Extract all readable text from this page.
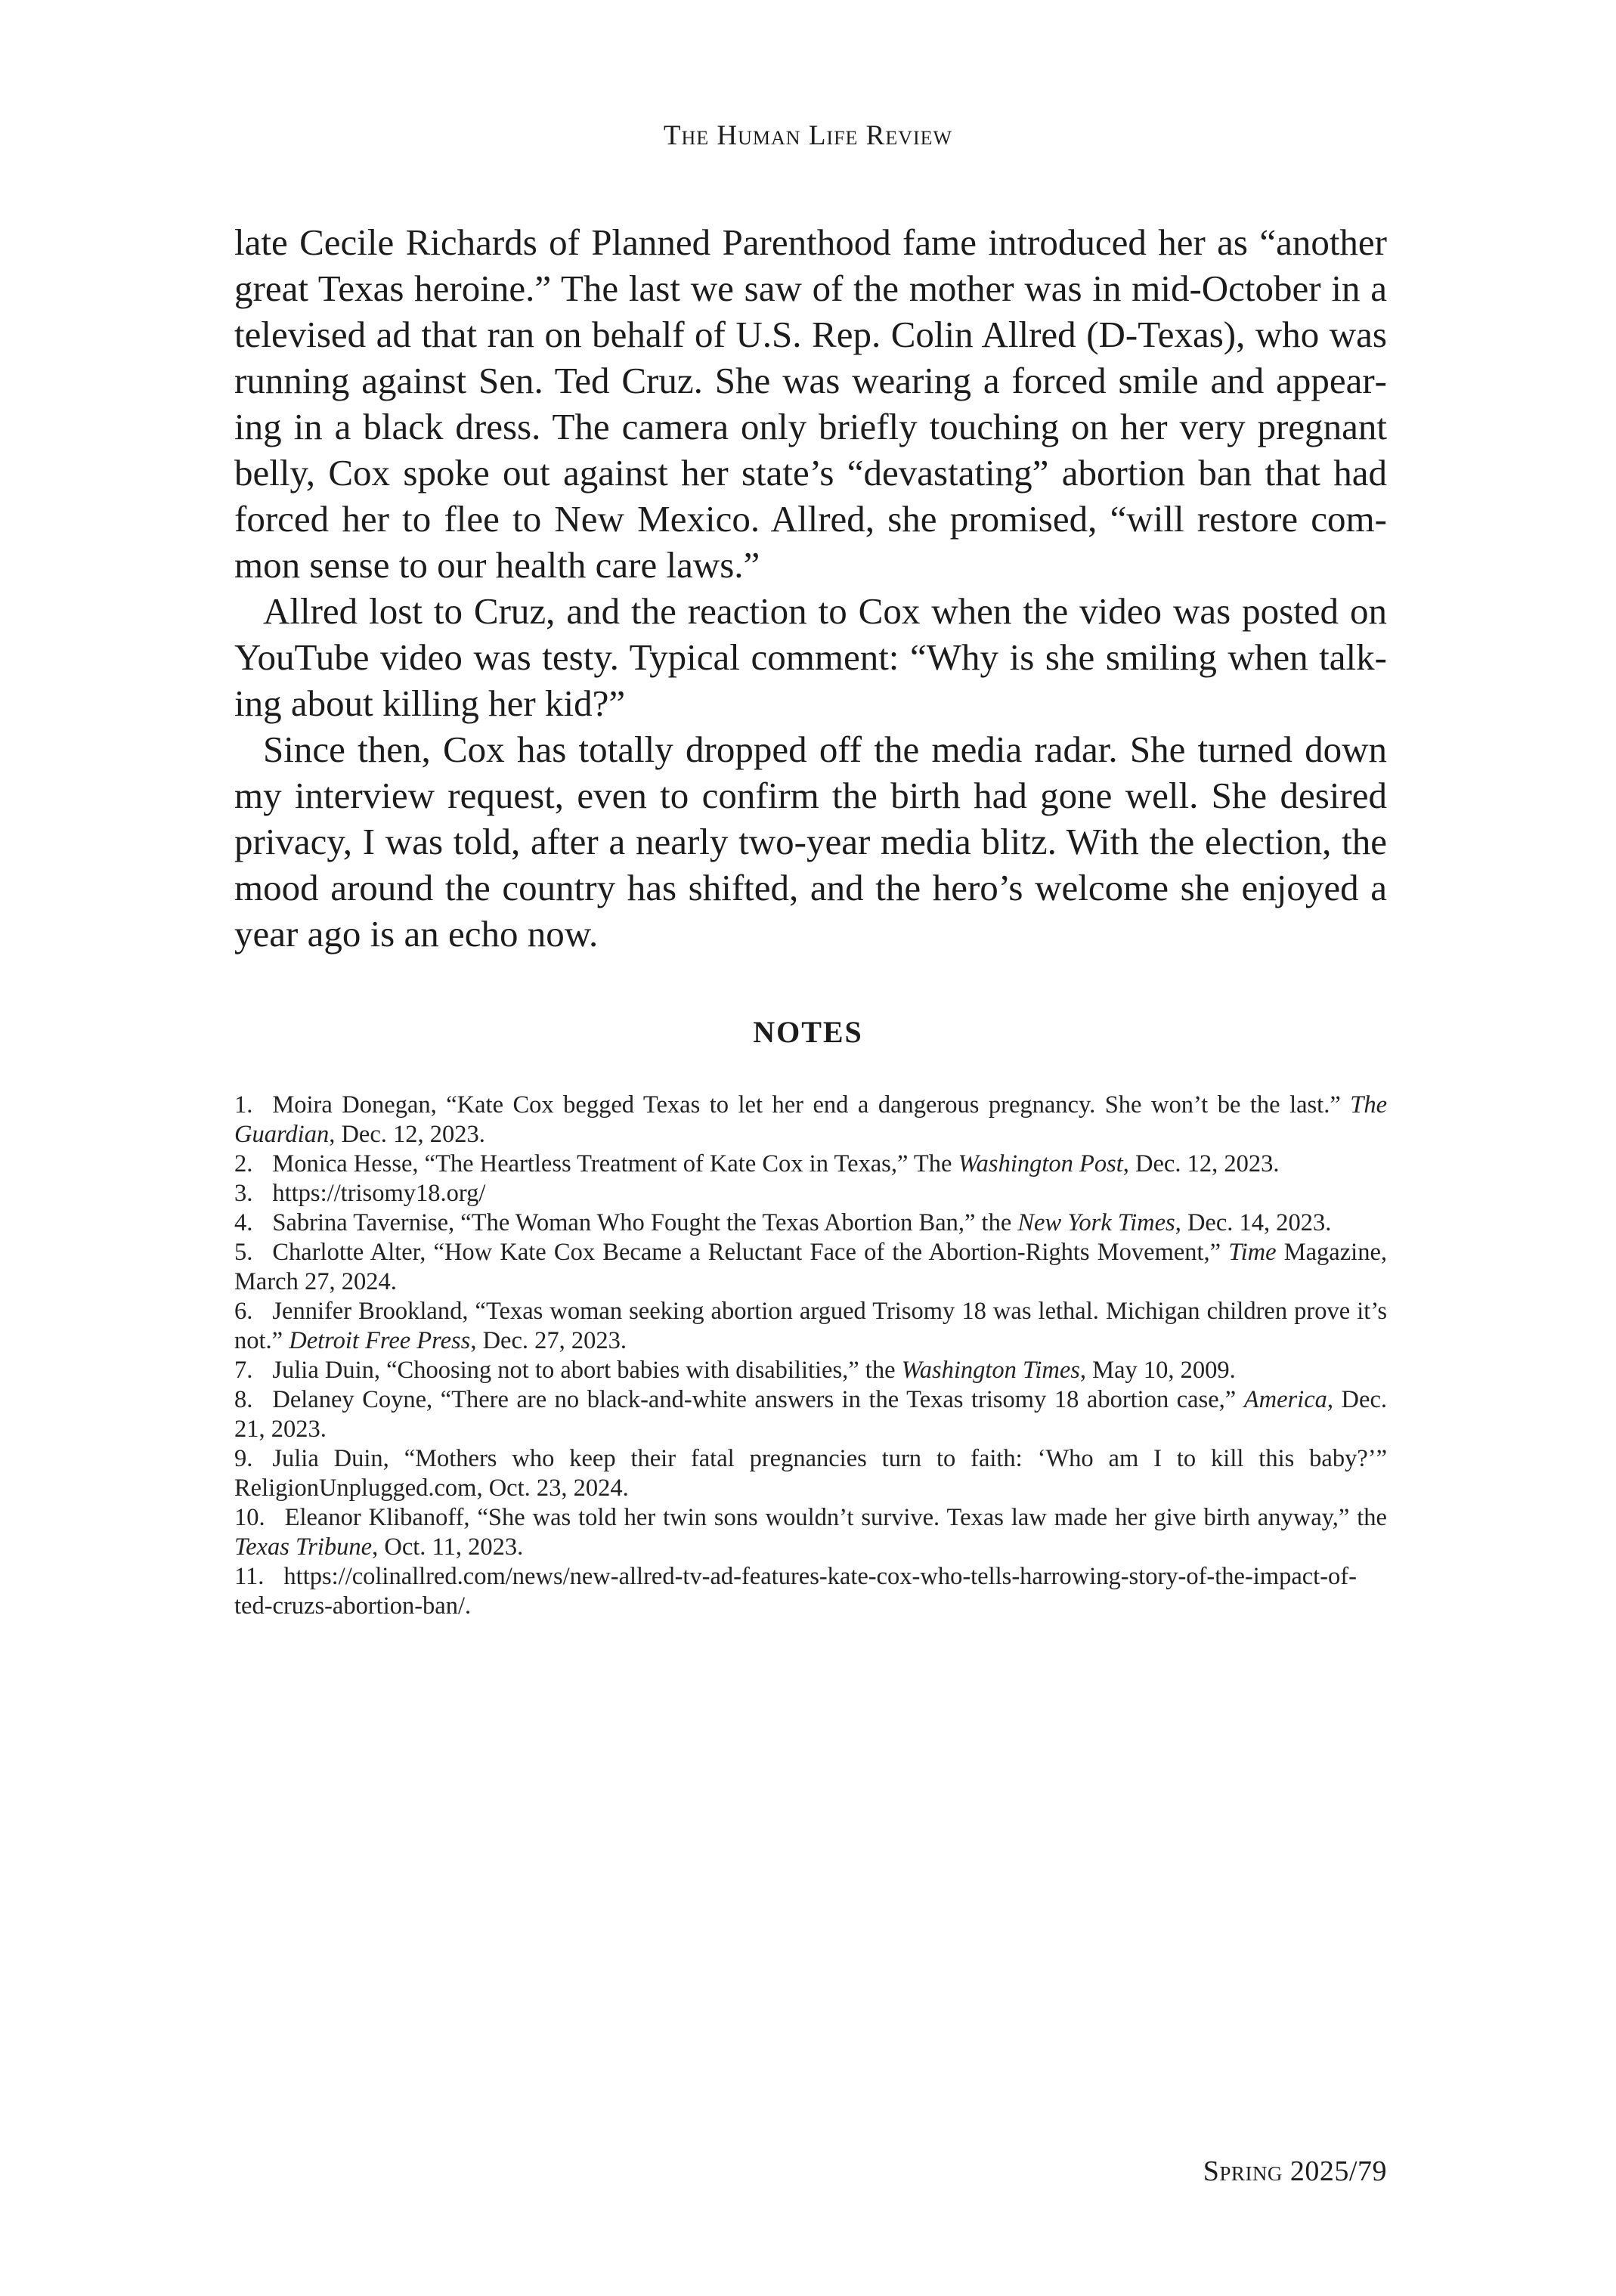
The Human Life Review

late Cecile Richards of Planned Parenthood fame introduced her as “another great Texas heroine.” The last we saw of the mother was in mid-October in a televised ad that ran on behalf of U.S. Rep. Colin Allred (D-Texas), who was running against Sen. Ted Cruz. She was wearing a forced smile and appearing in a black dress. The camera only briefly touching on her very pregnant belly, Cox spoke out against her state’s “devastating” abortion ban that had forced her to flee to New Mexico. Allred, she promised, “will restore common sense to our health care laws.”

Allred lost to Cruz, and the reaction to Cox when the video was posted on YouTube video was testy. Typical comment: “Why is she smiling when talking about killing her kid?”

Since then, Cox has totally dropped off the media radar. She turned down my interview request, even to confirm the birth had gone well. She desired privacy, I was told, after a nearly two-year media blitz. With the election, the mood around the country has shifted, and the hero’s welcome she enjoyed a year ago is an echo now.

NOTES
1. Moira Donegan, “Kate Cox begged Texas to let her end a dangerous pregnancy. She won’t be the last.” The Guardian, Dec. 12, 2023.
2. Monica Hesse, “The Heartless Treatment of Kate Cox in Texas,” The Washington Post, Dec. 12, 2023.
3. https://trisomy18.org/
4. Sabrina Tavernise, “The Woman Who Fought the Texas Abortion Ban,” the New York Times, Dec. 14, 2023.
5. Charlotte Alter, “How Kate Cox Became a Reluctant Face of the Abortion-Rights Movement,” Time Magazine, March 27, 2024.
6. Jennifer Brookland, “Texas woman seeking abortion argued Trisomy 18 was lethal. Michigan children prove it’s not.” Detroit Free Press, Dec. 27, 2023.
7. Julia Duin, “Choosing not to abort babies with disabilities,” the Washington Times, May 10, 2009.
8. Delaney Coyne, “There are no black-and-white answers in the Texas trisomy 18 abortion case,” America, Dec. 21, 2023.
9. Julia Duin, “Mothers who keep their fatal pregnancies turn to faith: ‘Who am I to kill this baby?’” ReligionUnplugged.com, Oct. 23, 2024.
10. Eleanor Klibanoff, “She was told her twin sons wouldn’t survive. Texas law made her give birth anyway,” the Texas Tribune, Oct. 11, 2023.
11. https://colinallred.com/news/new-allred-tv-ad-features-kate-cox-who-tells-harrowing-story-of-the-impact-of-ted-cruzs-abortion-ban/.
Spring 2025/79
